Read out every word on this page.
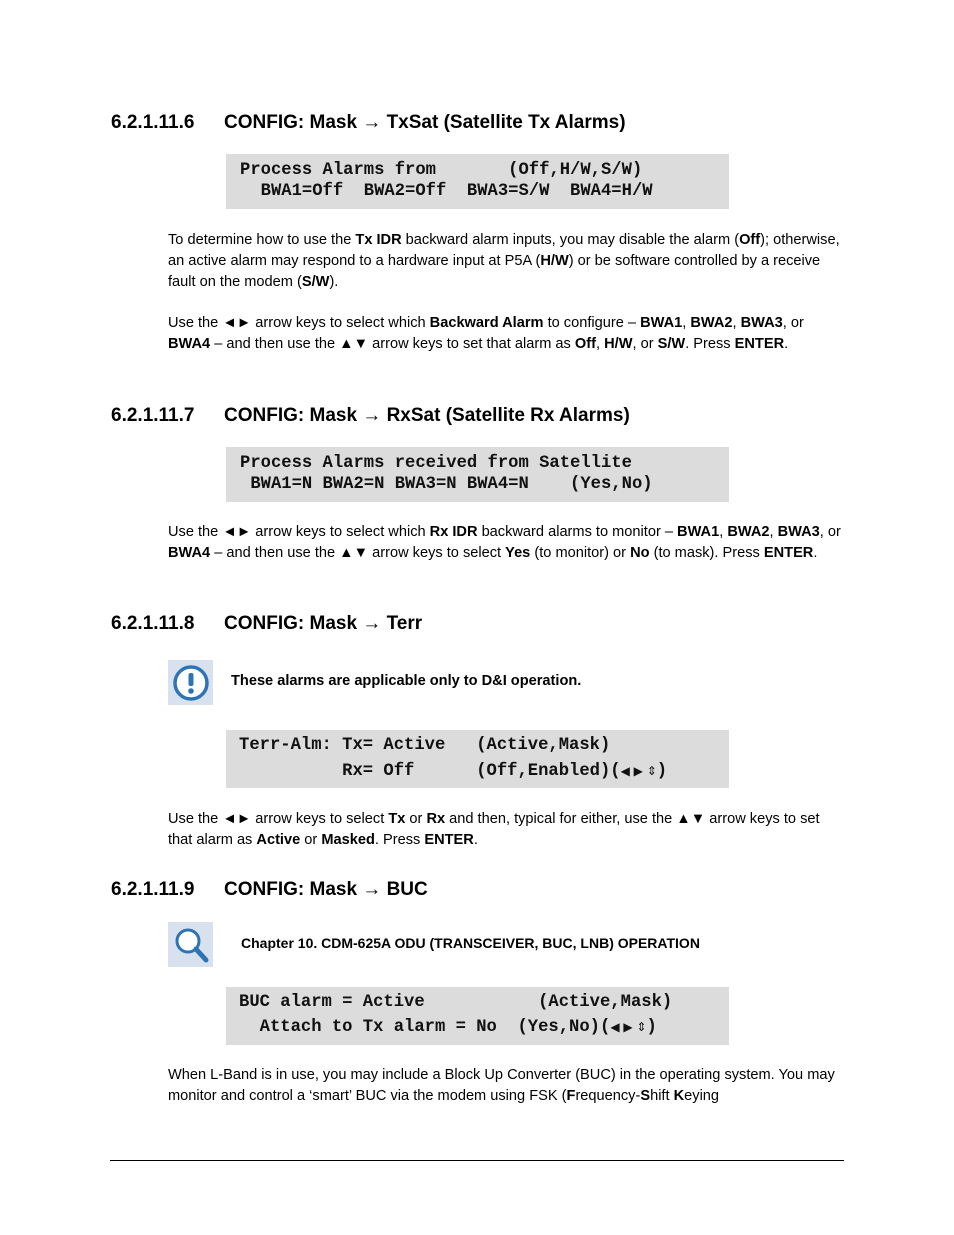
6.2.1.11.6 CONFIG: Mask → TxSat (Satellite Tx Alarms)
Process Alarms from       (Off,H/W,S/W)
BWA1=Off  BWA2=Off  BWA3=S/W  BWA4=H/W

To determine how to use the Tx IDR backward alarm inputs, you may disable the alarm (Off); otherwise, an active alarm may respond to a hardware input at P5A (H/W) or be software controlled by a receive fault on the modem (S/W).

Use the ◄► arrow keys to select which Backward Alarm to configure – BWA1, BWA2, BWA3, or BWA4 – and then use the ▲▼ arrow keys to set that alarm as Off, H/W, or S/W. Press ENTER.

6.2.1.11.7 CONFIG: Mask → RxSat (Satellite Rx Alarms)
Process Alarms received from Satellite
BWA1=N BWA2=N BWA3=N BWA4=N    (Yes,No)

Use the ◄► arrow keys to select which Rx IDR backward alarms to monitor – BWA1, BWA2, BWA3, or BWA4 – and then use the ▲▼ arrow keys to select Yes (to monitor) or No (to mask). Press ENTER.

6.2.1.11.8 CONFIG: Mask → Terr
These alarms are applicable only to D&I operation.
Terr-Alm: Tx= Active   (Active,Mask)
Rx= Off      (Off,Enabled)(◀ ▶ ⇕)

Use the ◄► arrow keys to select Tx or Rx and then, typical for either, use the ▲▼ arrow keys to set that alarm as Active or Masked. Press ENTER.

6.2.1.11.9 CONFIG: Mask → BUC
Chapter 10. CDM-625A ODU (TRANSCEIVER, BUC, LNB) OPERATION
BUC alarm = Active           (Active,Mask)
Attach to Tx alarm = No  (Yes,No)(◀ ▶ ⇕)

When L-Band is in use, you may include a Block Up Converter (BUC) in the operating system. You may monitor and control a ‘smart’ BUC via the modem using FSK (Frequency-Shift Keying
